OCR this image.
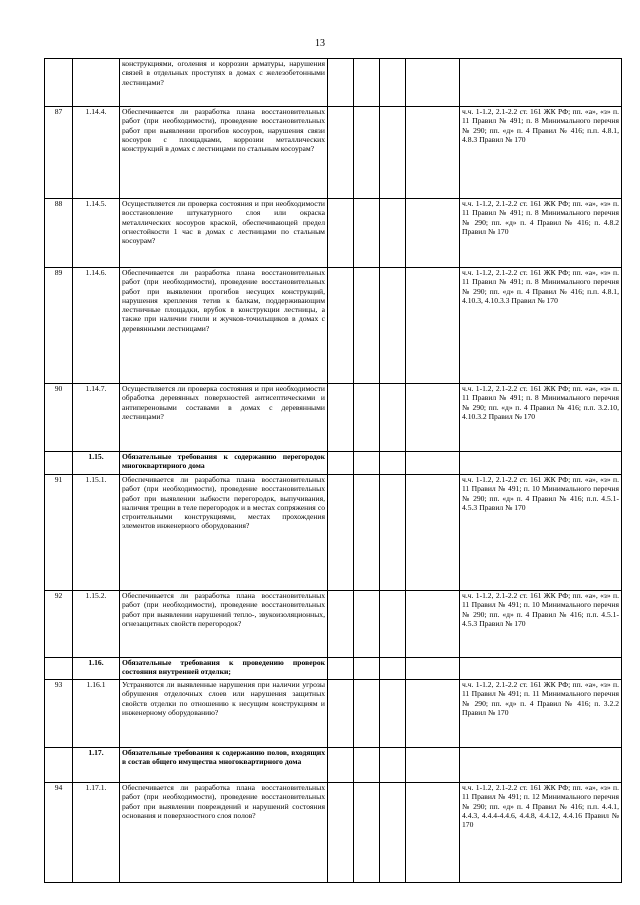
13
		конструкциями, оголения и коррозии арматуры, нарушения связей в отдельных проступях в домах с железобетонными лестницами?					
87	1.14.4.	Обеспечивается ли разработка плана восстановительных работ (при необходимости), проведение восстановительных работ при выявлении прогибов косоуров, нарушения связи косоуров с площадками, коррозии металлических конструкций в домах с лестницами по стальным косоурам?					ч.ч. 1-1.2, 2.1-2.2 ст. 161 ЖК РФ; пп. «а», «з» п. 11 Правил № 491; п. 8 Минимального перечня № 290; пп. «д» п. 4 Правил № 416; п.п. 4.8.1, 4.8.3 Правил № 170
88	1.14.5.	Осуществляется ли проверка состояния и при необходимости восстановление штукатурного слоя или окраска металлических косоуров краской, обеспечивающей предел огнестойкости 1 час в домах с лестницами по стальным косоурам?					ч.ч. 1-1.2, 2.1-2.2 ст. 161 ЖК РФ; пп. «а», «з» п. 11 Правил № 491; п. 8 Минимального перечня № 290; пп. «д» п. 4 Правил № 416; п. 4.8.2 Правил № 170
89	1.14.6.	Обеспечивается ли разработка плана восстановительных работ (при необходимости), проведение восстановительных работ при выявлении прогибов несущих конструкций, нарушения крепления тетив к балкам, поддерживающим лестничные площадки, врубок в конструкции лестницы, а также при наличии гнили и жучков-точильщиков в домах с деревянными лестницами?					ч.ч. 1-1.2, 2.1-2.2 ст. 161 ЖК РФ; пп. «а», «з» п. 11 Правил № 491; п. 8 Минимального перечня № 290; пп. «д» п. 4 Правил № 416; п.п. 4.8.1, 4.10.3, 4.10.3.3 Правил № 170
90	1.14.7.	Осуществляется ли проверка состояния и при необходимости обработка деревянных поверхностей антисептическими и антипереновыми составами в домах с деревянными лестницами?					ч.ч. 1-1.2, 2.1-2.2 ст. 161 ЖК РФ; пп. «а», «з» п. 11 Правил № 491; п. 8 Минимального перечня № 290; пп. «д» п. 4 Правил № 416; п.п. 3.2.10, 4.10.3.2 Правил № 170
	1.15.	Обязательные требования к содержанию перегородок многоквартирного дома					
91	1.15.1.	Обеспечивается ли разработка плана восстановительных работ (при необходимости), проведение восстановительных работ при выявлении зыбкости перегородок, выпучивания, наличия трещин в теле перегородок и в местах сопряжения со строительными конструкциями, местах прохождения элементов инженерного оборудования?					ч.ч. 1-1.2, 2.1-2.2 ст. 161 ЖК РФ; пп. «а», «з» п. 11 Правил № 491; п. 10 Минимального перечня № 290; пп. «д» п. 4 Правил № 416; п.п. 4.5.1-4.5.3 Правил № 170
92	1.15.2.	Обеспечивается ли разработка плана восстановительных работ (при необходимости), проведение восстановительных работ при выявлении нарушений тепло-, звукоизоляционных, огнезащитных свойств перегородок?					ч.ч. 1-1.2, 2.1-2.2 ст. 161 ЖК РФ; пп. «а», «з» п. 11 Правил № 491; п. 10 Минимального перечня № 290; пп. «д» п. 4 Правил № 416; п.п. 4.5.1-4.5.3 Правил № 170
	1.16.	Обязательные требования к проведению проверок состояния внутренней отделки;					
93	1.16.1	Устраняются ли выявленные нарушения при наличии угрозы обрушения отделочных слоев или нарушения защитных свойств отделки по отношению к несущим конструкциям и инженерному оборудованию?					ч.ч. 1-1.2, 2.1-2.2 ст. 161 ЖК РФ; пп. «а», «з» п. 11 Правил № 491; п. 11 Минимального перечня № 290; пп. «д» п. 4 Правил № 416; п. 3.2.2 Правил № 170
	1.17.	Обязательные требования к содержанию полов, входящих в состав общего имущества многоквартирного дома					
94	1.17.1.	Обеспечивается ли разработка плана восстановительных работ (при необходимости), проведение восстановительных работ при выявлении повреждений и нарушений состояния основания и поверхностного слоя полов?					ч.ч. 1-1.2, 2.1-2.2 ст. 161 ЖК РФ; пп. «а», «з» п. 11 Правил № 491; п. 12 Минимального перечня № 290; пп. «д» п. 4 Правил № 416; п.п. 4.4.1, 4.4.3, 4.4.4-4.4.6, 4.4.8, 4.4.12, 4.4.16 Правил № 170
